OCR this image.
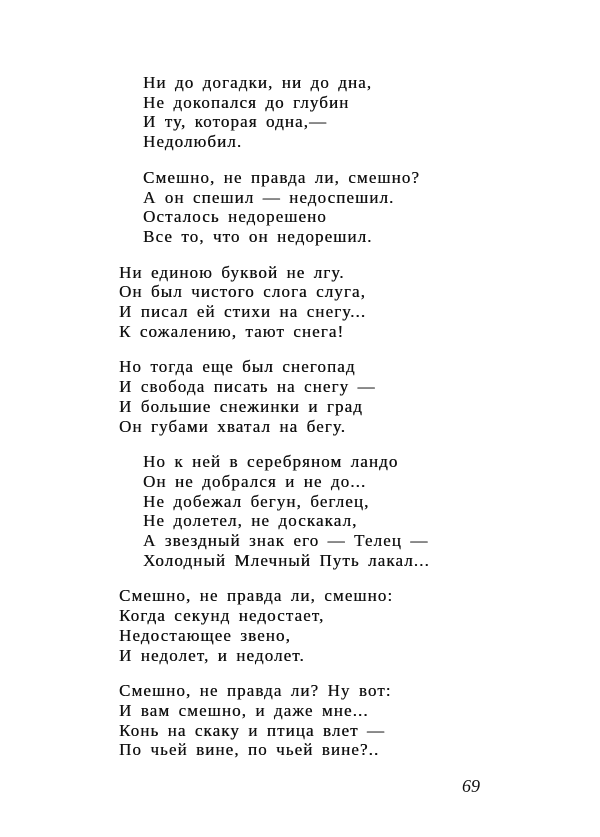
Ни до догадки, ни до дна,
Не докопался до глубин
И ту, которая одна,—
Недолюбил.
Смешно, не правда ли, смешно?
А он спешил — недоспешил.
Осталось недорешено
Все то, что он недорешил.
Ни единою буквой не лгу.
Он был чистого слога слуга,
И писал ей стихи на снегу...
К сожалению, тают снега!
Но тогда еще был снегопад
И свобода писать на снегу —
И большие снежинки и град
Он губами хватал на бегу.
Но к ней в серебряном ландо
Он не добрался и не до...
Не добежал бегун, беглец,
Не долетел, не доскакал,
А звездный знак его — Телец —
Холодный Млечный Путь лакал...
Смешно, не правда ли, смешно:
Когда секунд недостает,
Недостающее звено,
И недолет, и недолет.
Смешно, не правда ли? Ну вот:
И вам смешно, и даже мне...
Конь на скаку и птица влет —
По чьей вине, по чьей вине?..
69
